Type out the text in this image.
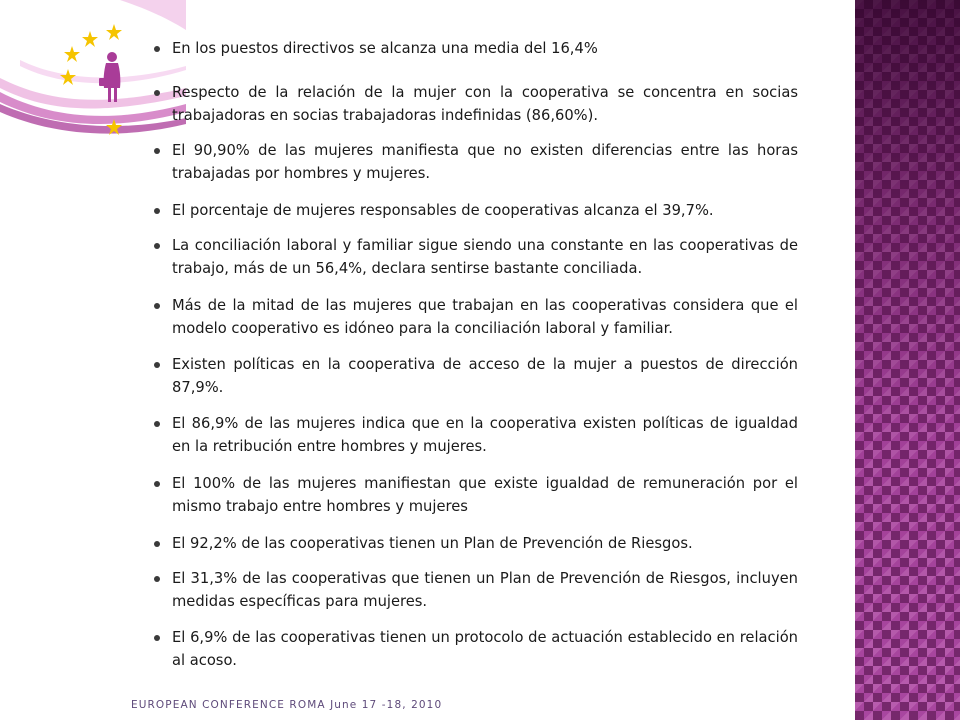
En los puestos directivos se alcanza una media del 16,4%
Respecto de la relación de la mujer con la cooperativa se concentra en socias trabajadoras en socias trabajadoras indefinidas (86,60%).
El 90,90% de las mujeres manifiesta que no existen diferencias entre las horas trabajadas por hombres y mujeres.
El porcentaje de mujeres responsables de cooperativas alcanza el 39,7%.
La conciliación laboral y familiar sigue siendo una constante en las cooperativas de trabajo, más de un 56,4%, declara sentirse bastante conciliada.
Más de la mitad de las mujeres que trabajan en las cooperativas considera que el modelo cooperativo es idóneo para la conciliación laboral y familiar.
Existen políticas en la cooperativa de acceso de la mujer a puestos de dirección 87,9%.
El 86,9% de las mujeres indica que en la cooperativa existen políticas de igualdad en la retribución entre hombres y mujeres.
El 100% de las mujeres manifiestan que existe igualdad de remuneración por el mismo trabajo entre hombres y mujeres
El 92,2% de las cooperativas tienen un Plan de Prevención de Riesgos.
El 31,3% de las cooperativas que tienen un Plan de Prevención de Riesgos, incluyen medidas específicas para mujeres.
El 6,9% de las cooperativas tienen un protocolo de actuación establecido en relación al acoso.
EUROPEAN CONFERENCE ROMA June 17 -18, 2010
